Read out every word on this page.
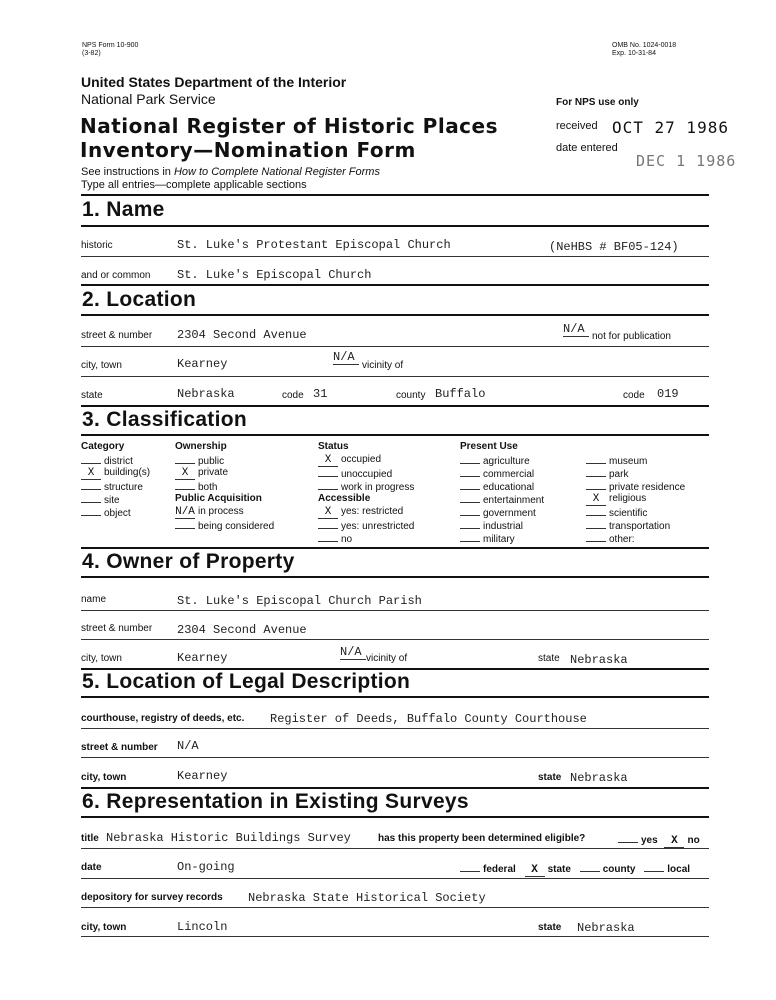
NPS Form 10-900
(3-82)
OMB No. 1024-0018
Exp. 10-31-84
United States Department of the Interior
National Park Service
National Register of Historic Places
Inventory—Nomination Form
See instructions in How to Complete National Register Forms
Type all entries—complete applicable sections
For NPS use only
received OCT 27 1986
date entered
DEC 1 1986
1. Name
historic	St. Luke's Protestant Episcopal Church	(NeHBS # BF05-124)
and or common St. Luke's Episcopal Church
2. Location
street & number 2304 Second Avenue	N/A
not for publication
city, town	Kearney	N/A
vicinity of
state	Nebraska	code 31	county Buffalo	code 019
3. Classification
Category
district
X building(s)
structure
site
object
Ownership
public
X private
both
Public Acquisition
N/A in process
being considered
Status
X occupied
unoccupied
work in progress
Accessible
X yes: restricted
yes: unrestricted
no
Present Use
agriculture
commercial
educational
entertainment
government
industrial
military
museum
park
private residence
X religious
scientific
transportation
other:
4. Owner of Property
name	St. Luke's Episcopal Church Parish
street & number 2304 Second Avenue
city, town	Kearney	N/A vicinity of	state Nebraska
5. Location of Legal Description
courthouse, registry of deeds, etc. Register of Deeds, Buffalo County Courthouse
street & number N/A
city, town	Kearney	state Nebraska
6. Representation in Existing Surveys
title Nebraska Historic Buildings Survey	has this property been determined eligible?	yes X no
date	On-going	federal X state	county	local
depository for survey records Nebraska State Historical Society
city, town	Lincoln	state Nebraska
